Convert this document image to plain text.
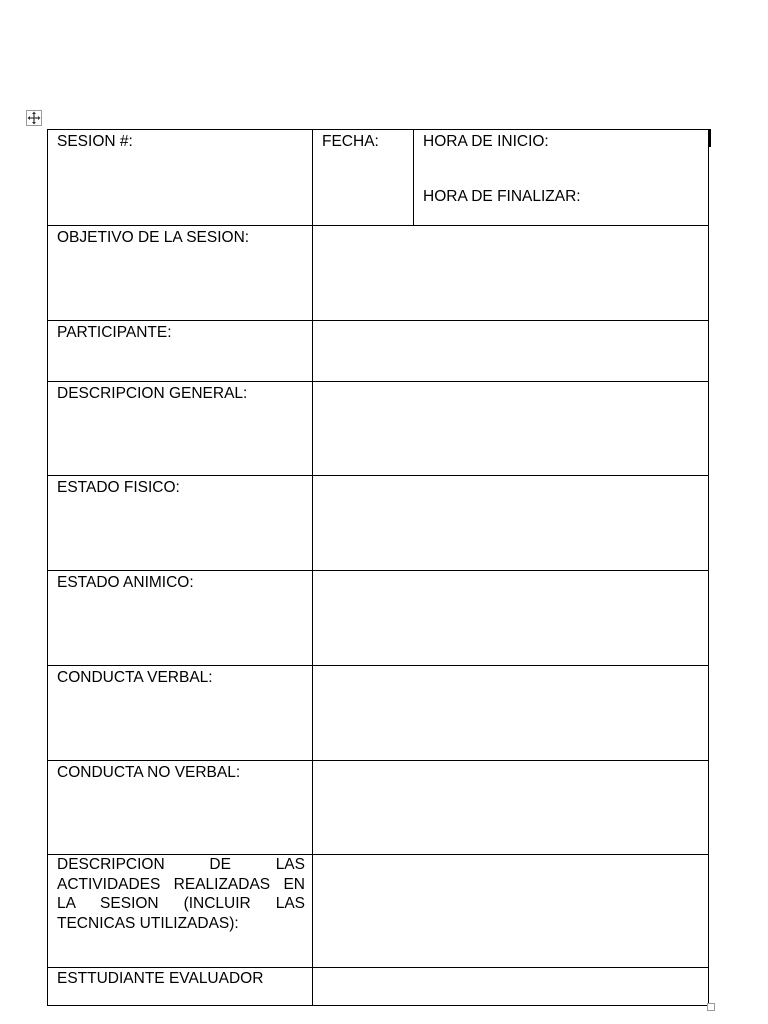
SESION #:	FECHA:	HORA DE INICIO:
HORA DE FINALIZAR:

OBJETIVO DE LA SESION:		

PARTICIPANTE:		

DESCRIPCION GENERAL:		

ESTADO FISICO:		

ESTADO ANIMICO:		

CONDUCTA VERBAL:		

CONDUCTA NO VERBAL:		

DESCRIPCION DE LAS ACTIVIDADES REALIZADAS EN LA SESION (INCLUIR LAS TECNICAS UTILIZADAS):		

ESTTUDIANTE EVALUADOR		
